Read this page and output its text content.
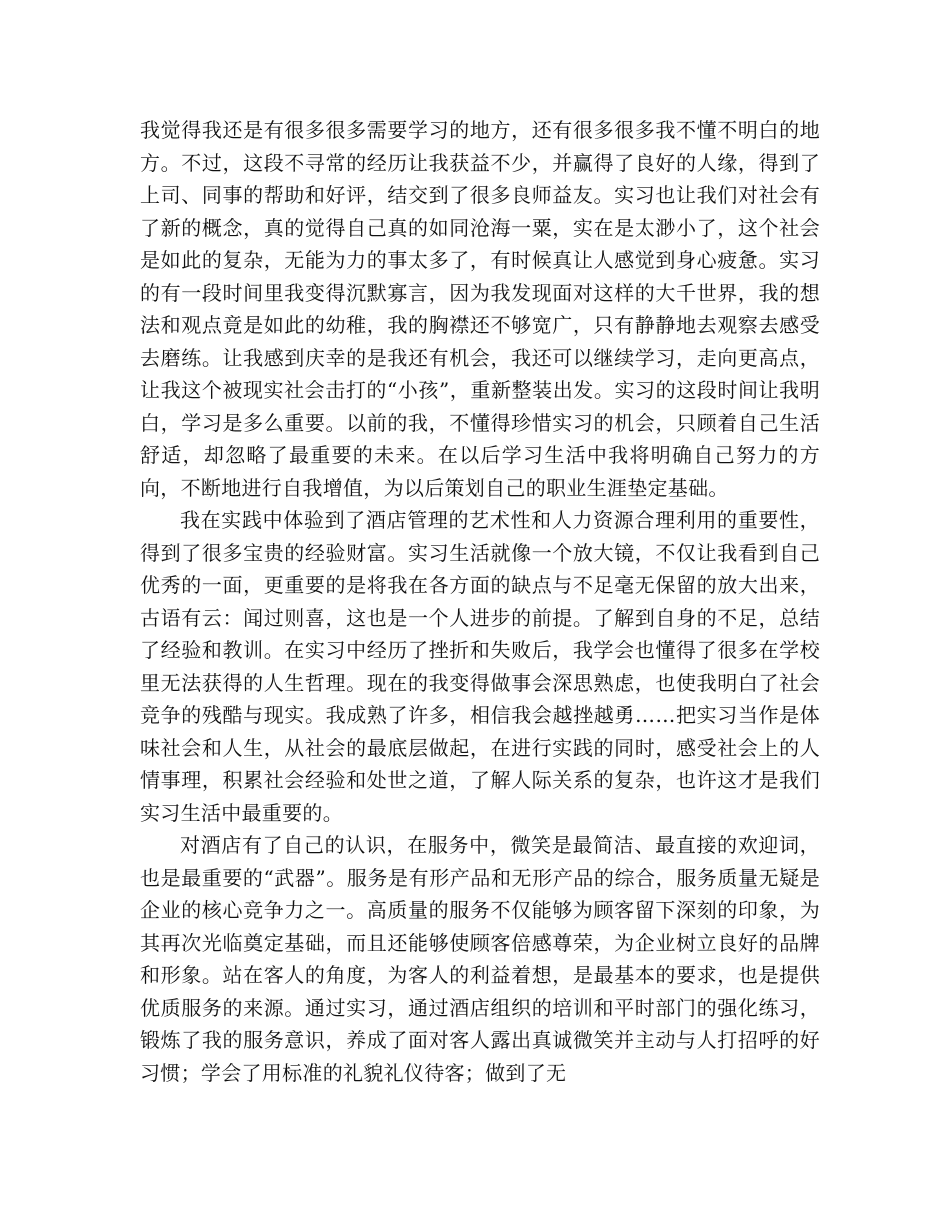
我觉得我还是有很多很多需要学习的地方，还有很多很多我不懂不明白的地方。不过，这段不寻常的经历让我获益不少，并赢得了良好的人缘，得到了上司、同事的帮助和好评，结交到了很多良师益友。实习也让我们对社会有了新的概念，真的觉得自己真的如同沧海一粟，实在是太渺小了，这个社会是如此的复杂，无能为力的事太多了，有时候真让人感觉到身心疲惫。实习的有一段时间里我变得沉默寡言，因为我发现面对这样的大千世界，我的想法和观点竟是如此的幼稚，我的胸襟还不够宽广，只有静静地去观察去感受去磨练。让我感到庆幸的是我还有机会，我还可以继续学习，走向更高点，让我这个被现实社会击打的“小孩”，重新整装出发。实习的这段时间让我明白，学习是多么重要。以前的我，不懂得珍惜实习的机会，只顾着自己生活舒适，却忽略了最重要的未来。在以后学习生活中我将明确自己努力的方向，不断地进行自我增值，为以后策划自己的职业生涯垫定基础。

我在实践中体验到了酒店管理的艺术性和人力资源合理利用的重要性，得到了很多宝贵的经验财富。实习生活就像一个放大镜，不仅让我看到自己优秀的一面，更重要的是将我在各方面的缺点与不足毫无保留的放大出来，古语有云：闻过则喜，这也是一个人进步的前提。了解到自身的不足，总结了经验和教训。在实习中经历了挫折和失败后，我学会也懂得了很多在学校里无法获得的人生哲理。现在的我变得做事会深思熟虑，也使我明白了社会竞争的残酷与现实。我成熟了许多，相信我会越挫越勇……把实习当作是体味社会和人生，从社会的最底层做起，在进行实践的同时，感受社会上的人情事理，积累社会经验和处世之道，了解人际关系的复杂，也许这才是我们实习生活中最重要的。

对酒店有了自己的认识，在服务中，微笑是最简洁、最直接的欢迎词，也是最重要的“武器”。服务是有形产品和无形产品的综合，服务质量无疑是企业的核心竞争力之一。高质量的服务不仅能够为顾客留下深刻的印象，为其再次光临奠定基础，而且还能够使顾客倍感尊荣，为企业树立良好的品牌和形象。站在客人的角度，为客人的利益着想，是最基本的要求，也是提供优质服务的来源。通过实习，通过酒店组织的培训和平时部门的强化练习，锻炼了我的服务意识，养成了面对客人露出真诚微笑并主动与人打招呼的好习惯；学会了用标准的礼貌礼仪待客；做到了无
